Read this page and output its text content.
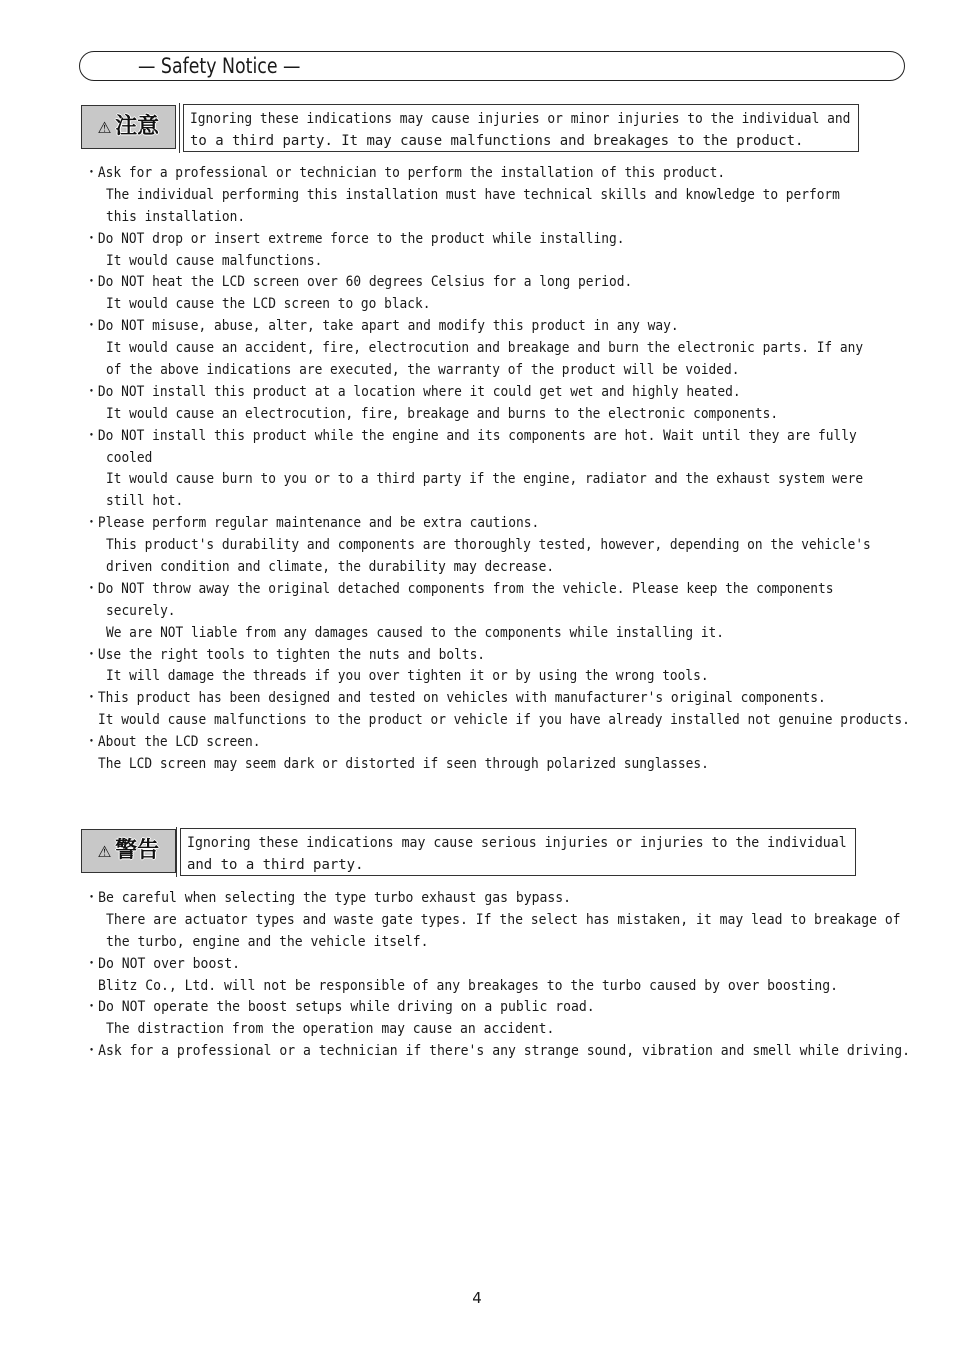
— Safety Notice —
⚠ 注意 Ignoring these indications may cause injuries or minor injuries to the individual and
to a third party. It may cause malfunctions and breakages to the product.
・Ask for a professional or technician to perform the installation of this product.
The individual performing this installation must have technical skills and knowledge to perform
this installation.
・Do NOT drop or insert extreme force to the product while installing.
It would cause malfunctions.
・Do NOT heat the LCD screen over 60 degrees Celsius for a long period.
It would cause the LCD screen to go black.
・Do NOT misuse, abuse, alter, take apart and modify this product in any way.
It would cause an accident, fire, electrocution and breakage and burn the electronic parts. If any
of the above indications are executed, the warranty of the product will be voided.
・Do NOT install this product at a location where it could get wet and highly heated.
It would cause an electrocution, fire, breakage and burns to the electronic components.
・Do NOT install this product while the engine and its components are hot. Wait until they are fully
cooled
It would cause burn to you or to a third party if the engine, radiator and the exhaust system were
still hot.
・Please perform regular maintenance and be extra cautions.
This product's durability and components are thoroughly tested, however, depending on the vehicle's
driven condition and climate, the durability may decrease.
・Do NOT throw away the original detached components from the vehicle. Please keep the components
securely.
We are NOT liable from any damages caused to the components while installing it.
・Use the right tools to tighten the nuts and bolts.
It will damage the threads if you over tighten it or by using the wrong tools.
・This product has been designed and tested on vehicles with manufacturer's original components.
It would cause malfunctions to the product or vehicle if you have already installed not genuine products.
・About the LCD screen.
The LCD screen may seem dark or distorted if seen through polarized sunglasses.
⚠ 警告 Ignoring these indications may cause serious injuries or injuries to the individual
and to a third party.
・Be careful when selecting the type turbo exhaust gas bypass.
There are actuator types and waste gate types. If the select has mistaken, it may lead to breakage of
the turbo, engine and the vehicle itself.
・Do NOT over boost.
Blitz Co., Ltd. will not be responsible of any breakages to the turbo caused by over boosting.
・Do NOT operate the boost setups while driving on a public road.
The distraction from the operation may cause an accident.
・Ask for a professional or a technician if there's any strange sound, vibration and smell while driving.
4
